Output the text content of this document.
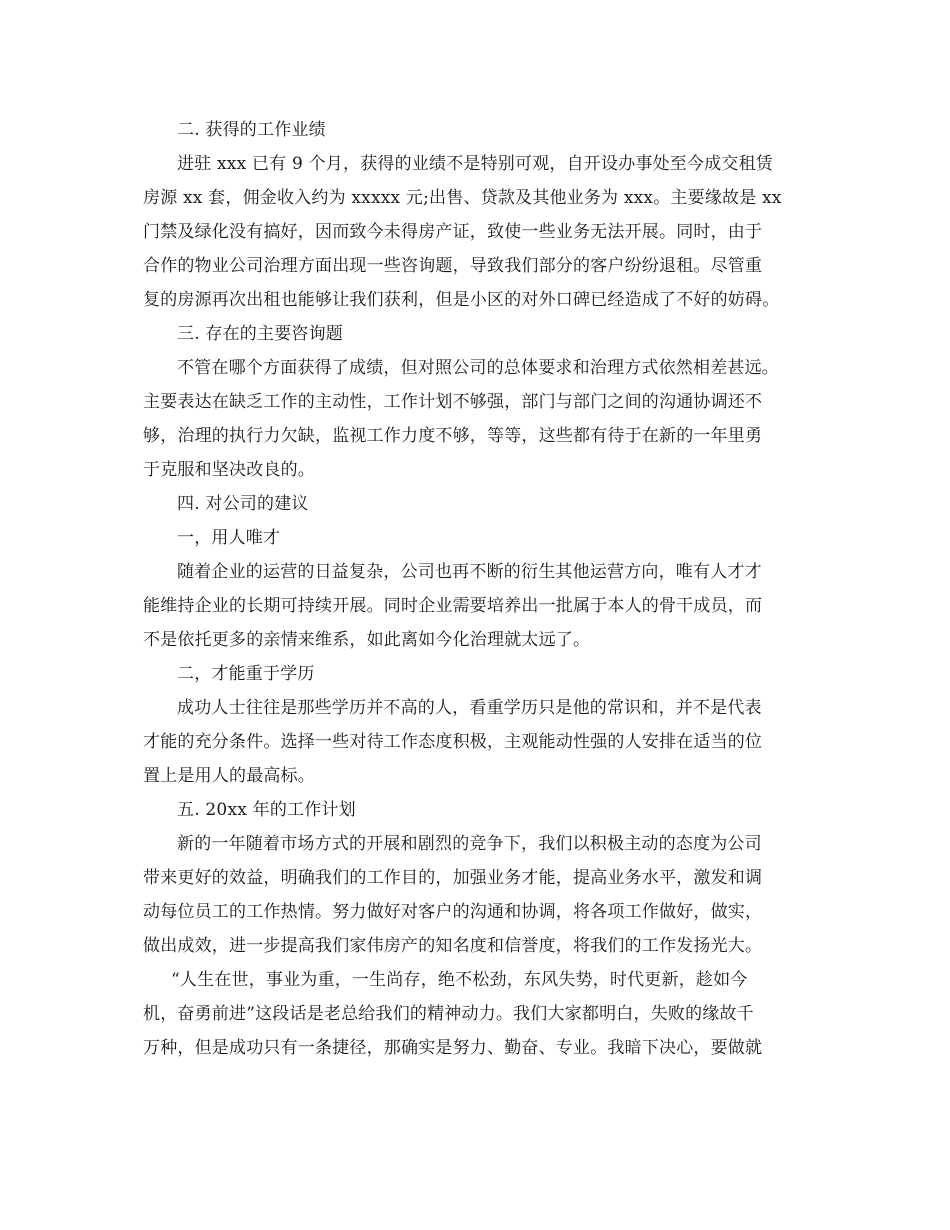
二. 获得的工作业绩
进驻 xxx 已有 9 个月，获得的业绩不是特别可观，自开设办事处至今成交租赁
房源 xx 套，佣金收入约为 xxxxx 元;出售、贷款及其他业务为 xxx。主要缘故是 xx
门禁及绿化没有搞好，因而致今未得房产证，致使一些业务无法开展。同时，由于
合作的物业公司治理方面出现一些咨询题，导致我们部分的客户纷纷退租。尽管重
复的房源再次出租也能够让我们获利，但是小区的对外口碑已经造成了不好的妨碍。
三. 存在的主要咨询题
不管在哪个方面获得了成绩，但对照公司的总体要求和治理方式依然相差甚远。
主要表达在缺乏工作的主动性，工作计划不够强，部门与部门之间的沟通协调还不
够，治理的执行力欠缺，监视工作力度不够，等等，这些都有待于在新的一年里勇
于克服和坚决改良的。
四. 对公司的建议
一，用人唯才
随着企业的运营的日益复杂，公司也再不断的衍生其他运营方向，唯有人才才
能维持企业的长期可持续开展。同时企业需要培养出一批属于本人的骨干成员，而
不是依托更多的亲情来维系，如此离如今化治理就太远了。
二，才能重于学历
成功人士往往是那些学历并不高的人，看重学历只是他的常识和，并不是代表
才能的充分条件。选择一些对待工作态度积极，主观能动性强的人安排在适当的位
置上是用人的最高标。
五. 20xx 年的工作计划
新的一年随着市场方式的开展和剧烈的竞争下，我们以积极主动的态度为公司
带来更好的效益，明确我们的工作目的，加强业务才能，提高业务水平，激发和调
动每位员工的工作热情。努力做好对客户的沟通和协调，将各项工作做好，做实，
做出成效，进一步提高我们家伟房产的知名度和信誉度，将我们的工作发扬光大。
“人生在世，事业为重，一生尚存，绝不松劲，东风失势，时代更新，趁如今
机，奋勇前进”这段话是老总给我们的精神动力。我们大家都明白，失败的缘故千
万种，但是成功只有一条捷径，那确实是努力、勤奋、专业。我暗下决心，要做就
